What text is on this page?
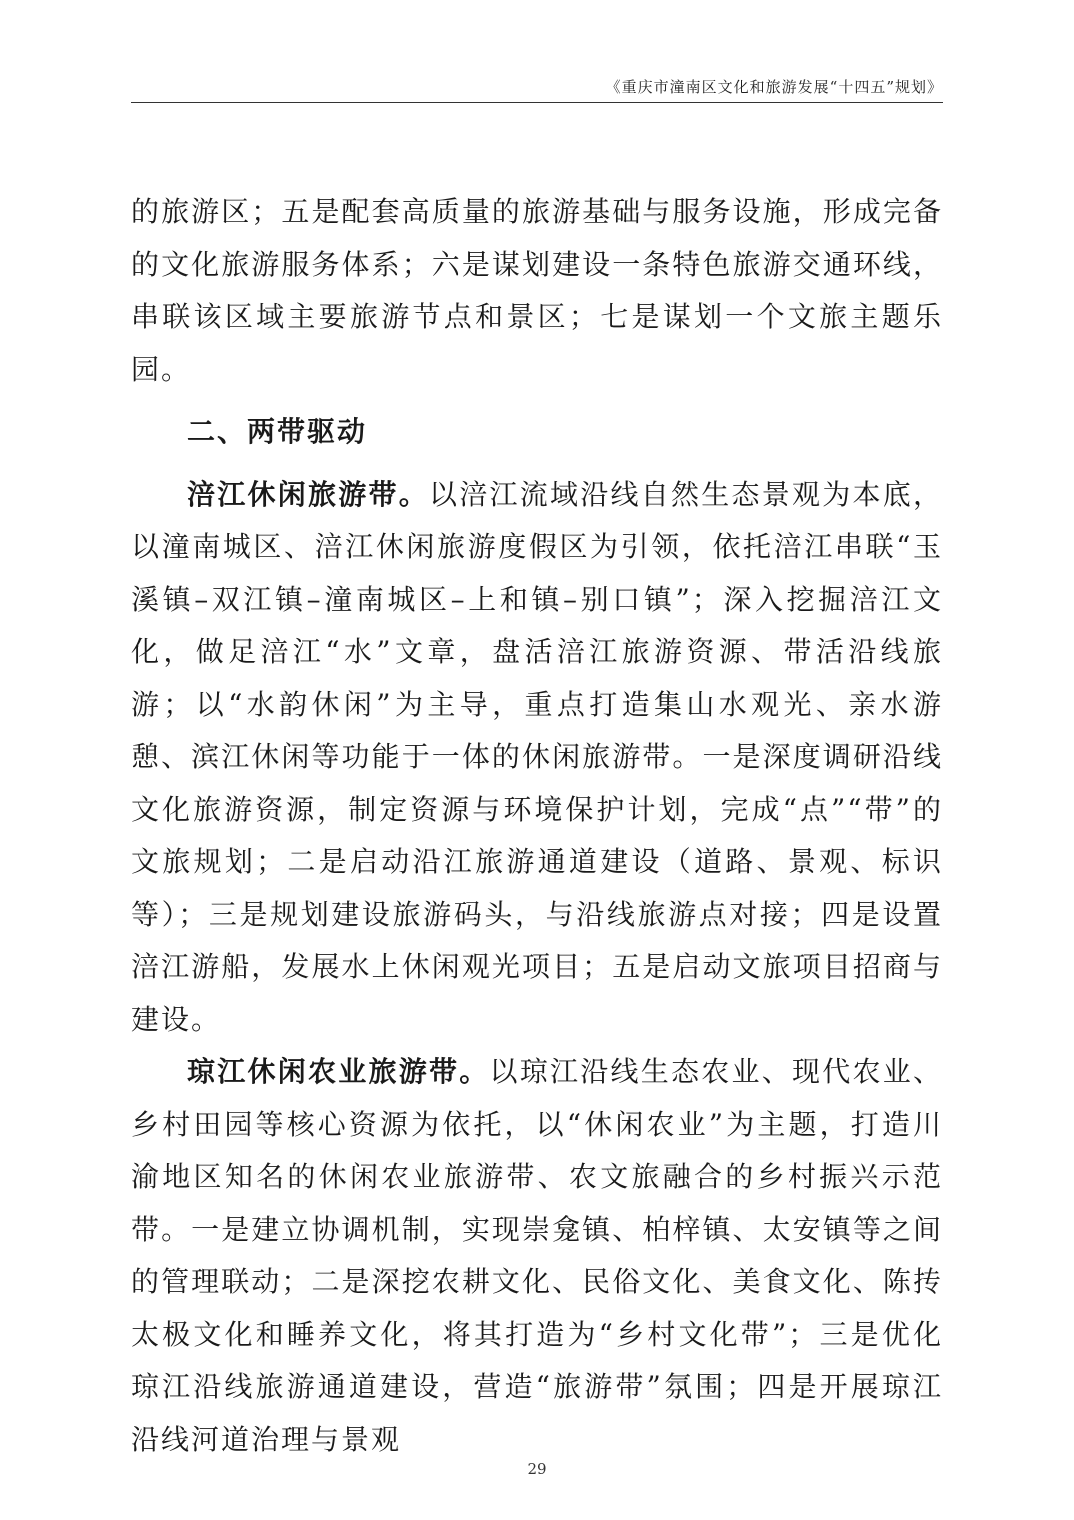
《重庆市潼南区文化和旅游发展“十四五”规划》

的旅游区；五是配套高质量的旅游基础与服务设施，形成完备的文化旅游服务体系；六是谋划建设一条特色旅游交通环线，串联该区域主要旅游节点和景区；七是谋划一个文旅主题乐园。

二、两带驱动

涪江休闲旅游带。以涪江流域沿线自然生态景观为本底，以潼南城区、涪江休闲旅游度假区为引领，依托涪江串联“玉溪镇–双江镇–潼南城区–上和镇–别口镇”；深入挖掘涪江文化，做足涪江“水”文章，盘活涪江旅游资源、带活沿线旅游；以“水韵休闲”为主导，重点打造集山水观光、亲水游憩、滨江休闲等功能于一体的休闲旅游带。一是深度调研沿线文化旅游资源，制定资源与环境保护计划，完成“点”“带”的文旅规划；二是启动沿江旅游通道建设（道路、景观、标识等）；三是规划建设旅游码头，与沿线旅游点对接；四是设置涪江游船，发展水上休闲观光项目；五是启动文旅项目招商与建设。

琼江休闲农业旅游带。以琼江沿线生态农业、现代农业、乡村田园等核心资源为依托，以“休闲农业”为主题，打造川渝地区知名的休闲农业旅游带、农文旅融合的乡村振兴示范带。一是建立协调机制，实现崇龛镇、柏梓镇、太安镇等之间的管理联动；二是深挖农耕文化、民俗文化、美食文化、陈抟太极文化和睡养文化，将其打造为“乡村文化带”；三是优化琼江沿线旅游通道建设，营造“旅游带”氛围；四是开展琼江沿线河道治理与景观

29
